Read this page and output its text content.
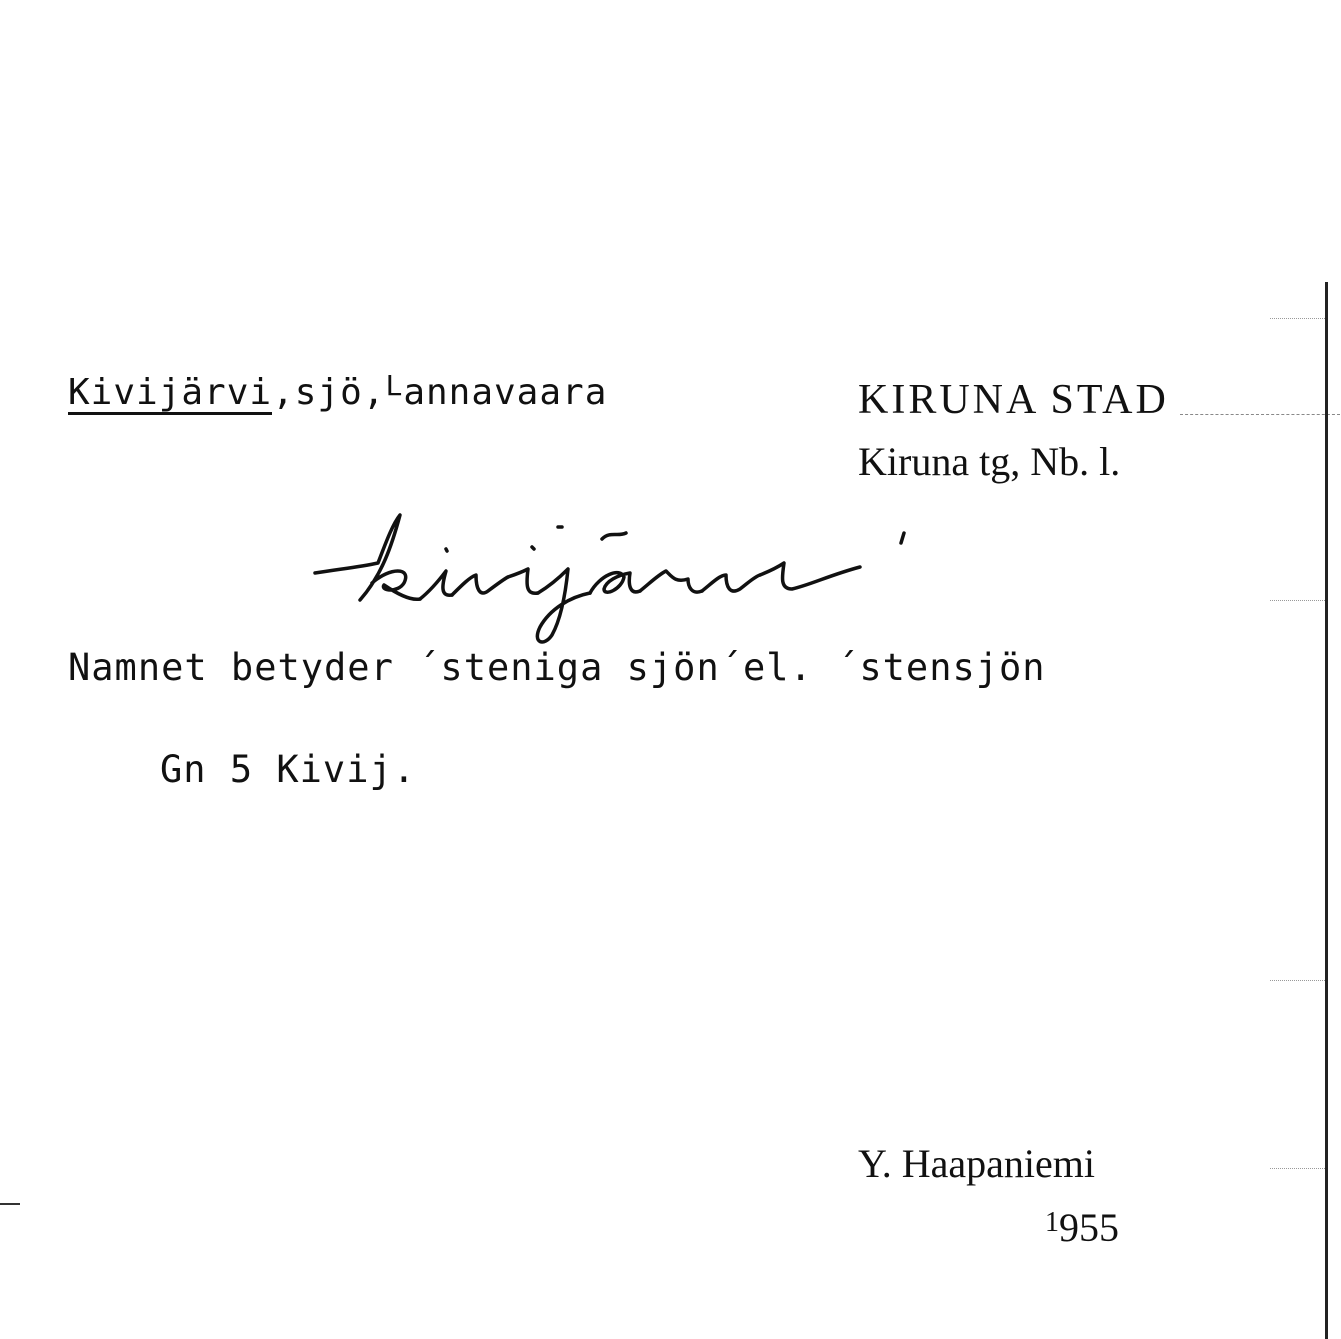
Kivijärvi,sjö,$^L$annavaara	KIRUNA STAD
Kiruna tg, Nb. l.
Namnet betyder ´steniga sjön´el. ´stensjön
Gn 5 Kivij.
Y. Haapaniemi
$^1$955
